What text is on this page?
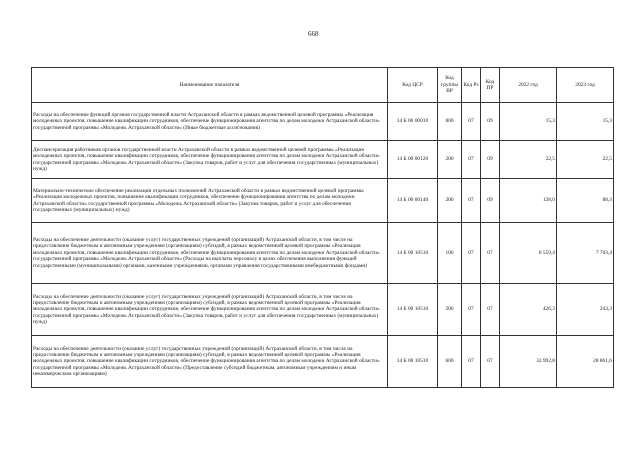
668
Наименование показателя	Код ЦСР	Код группы ВР	Код Рз	Код ПР	2022 год	2023 год
Расходы на обеспечение функций органов государственной власти Астраханской области в рамках ведомственной целевой программы «Реализация молодежных проектов, повышение квалификации сотрудников, обеспечение функционирования агентства по делам молодежи Астраханской области» государственной программы «Молодежь Астраханской области» (Иные бюджетные ассигнования)	14 Б 00 00010	800	07	09	15,3	15,3
Диспансеризация работников органов государственной власти Астраханской области в рамках ведомственной целевой программы «Реализация молодежных проектов, повышение квалификации сотрудников, обеспечение функционирования агентства по делам молодежи Астраханской области» государственной программы «Молодежь Астраханской области» (Закупка товаров, работ и услуг для обеспечения государственных (муниципальных) нужд)	14 Б 00 00120	200	07	09	22,5	22,5
Материально-техническое обеспечение реализации отдельных полномочий Астраханской области в рамках ведомственной целевой программы «Реализация молодежных проектов, повышение квалификации сотрудников, обеспечение функционирования агентства по делам молодежи Астраханской области» государственной программы «Молодежь Астраханской области» (Закупка товаров, работ и услуг для обеспечения государственных (муниципальных) нужд)	14 Б 00 00140	200	07	09	128,0	88,3
Расходы на обеспечение деятельности (оказание услуг) государственных учреждений (организаций) Астраханской области, в том числе на предоставление бюджетным и автономным учреждениям (организациям) субсидий, в рамках ведомственной целевой программы «Реализация молодежных проектов, повышение квалификации сотрудников, обеспечение функционирования агентства по делам молодежи Астраханской области» государственной программы «Молодежь Астраханской области» (Расходы на выплаты персоналу в целях обеспечения выполнения функций государственными (муниципальными) органами, казенными учреждениями, органами управления государственными внебюджетными фондами)	14 Б 00 10510	100	07	07	8 559,4	7 703,4
Расходы на обеспечение деятельности (оказание услуг) государственных учреждений (организаций) Астраханской области, в том числе на предоставление бюджетным и автономным учреждениям (организациям) субсидий, в рамках ведомственной целевой программы «Реализация молодежных проектов, повышение квалификации сотрудников, обеспечение функционирования агентства по делам молодежи Астраханской области» государственной программы «Молодежь Астраханской области» (Закупка товаров, работ и услуг для обеспечения государственных (муниципальных) нужд)	14 Б 00 10510	200	07	07	426,3	243,3
Расходы на обеспечение деятельности (оказание услуг) государственных учреждений (организаций) Астраханской области, в том числе на предоставление бюджетным и автономным учреждениям (организациям) субсидий, в рамках ведомственной целевой программы «Реализация молодежных проектов, повышение квалификации сотрудников, обеспечение функционирования агентства по делам молодежи Астраханской области» государственной программы «Молодежь Астраханской области» (Предоставление субсидий бюджетным, автономным учреждениям и иным некоммерческим организациям)	14 Б 00 10510	600	07	07	32 992,8	28 861,6
